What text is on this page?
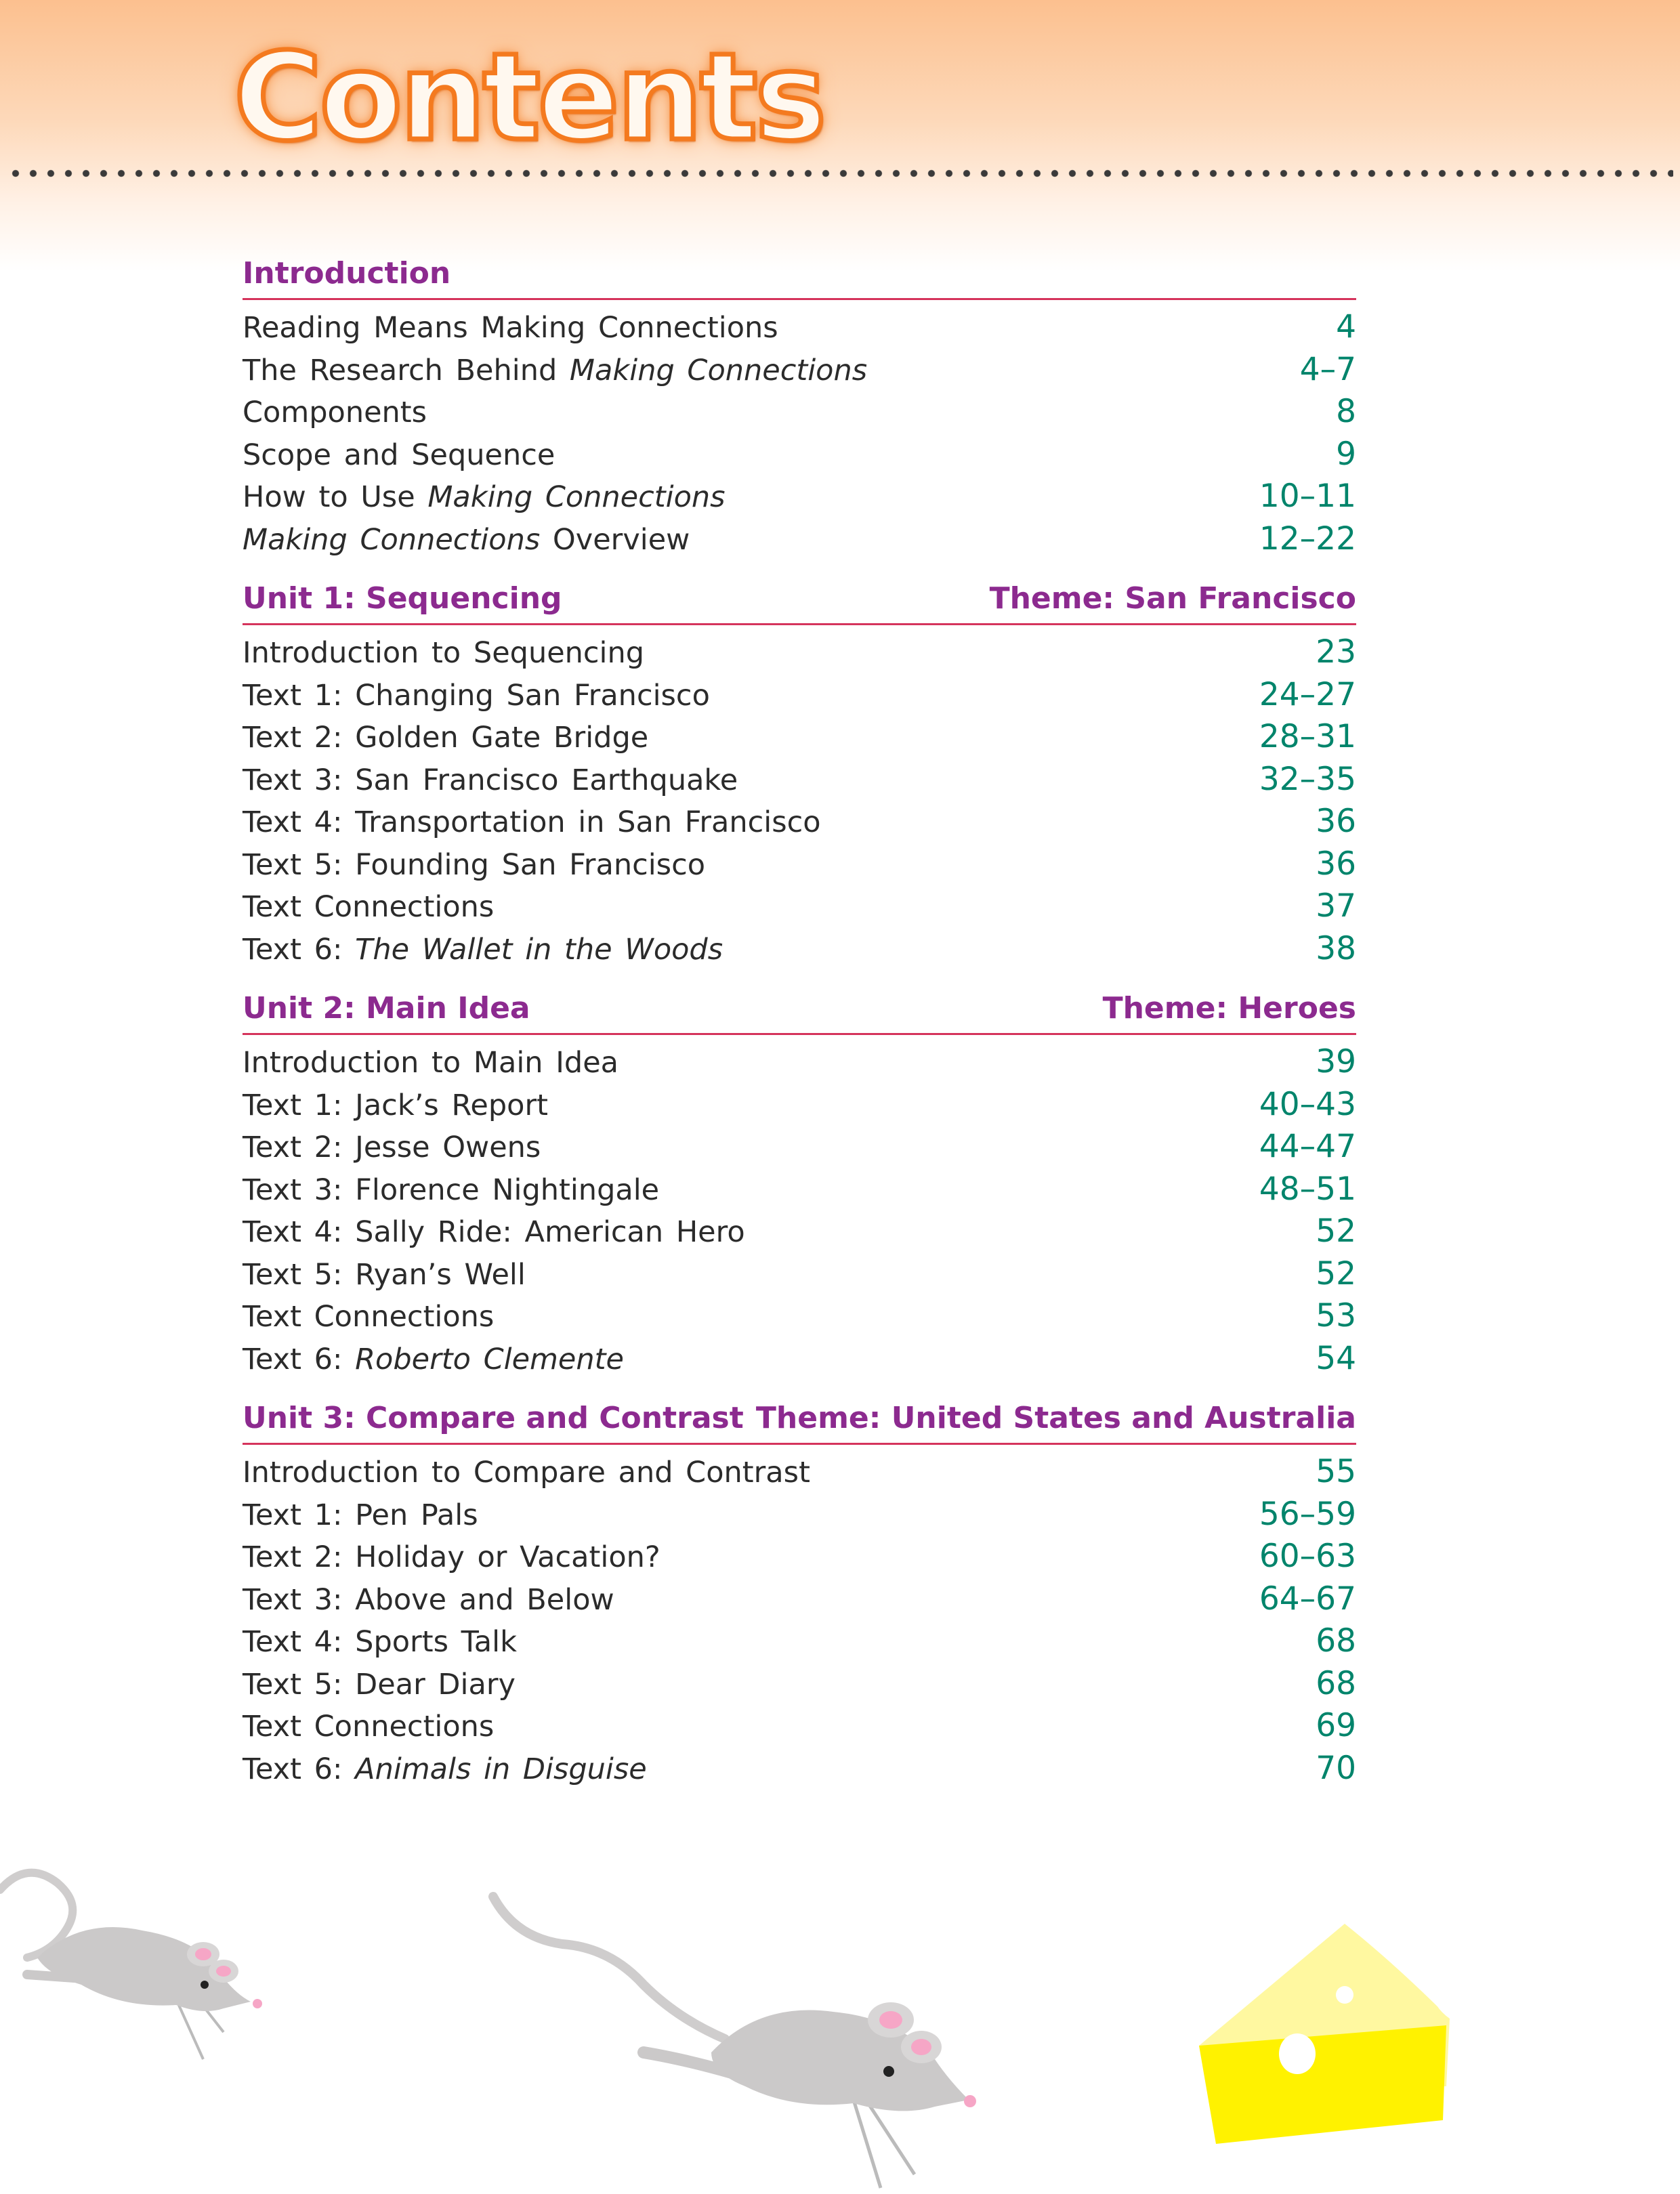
Contents
Introduction
Reading Means Making Connections	4
The Research Behind Making Connections	4–7
Components	8
Scope and Sequence	9
How to Use Making Connections	10–11
Making Connections Overview	12–22
Unit 1: Sequencing	Theme: San Francisco
Introduction to Sequencing	23
Text 1: Changing San Francisco	24–27
Text 2: Golden Gate Bridge	28–31
Text 3: San Francisco Earthquake	32–35
Text 4: Transportation in San Francisco	36
Text 5: Founding San Francisco	36
Text Connections	37
Text 6: The Wallet in the Woods	38
Unit 2: Main Idea	Theme: Heroes
Introduction to Main Idea	39
Text 1: Jack’s Report	40–43
Text 2: Jesse Owens	44–47
Text 3: Florence Nightingale	48–51
Text 4: Sally Ride: American Hero	52
Text 5: Ryan’s Well	52
Text Connections	53
Text 6: Roberto Clemente	54
Unit 3: Compare and Contrast Theme: United States and Australia
Introduction to Compare and Contrast	55
Text 1: Pen Pals	56–59
Text 2: Holiday or Vacation?	60–63
Text 3: Above and Below	64–67
Text 4: Sports Talk	68
Text 5: Dear Diary	68
Text Connections	69
Text 6: Animals in Disguise	70
